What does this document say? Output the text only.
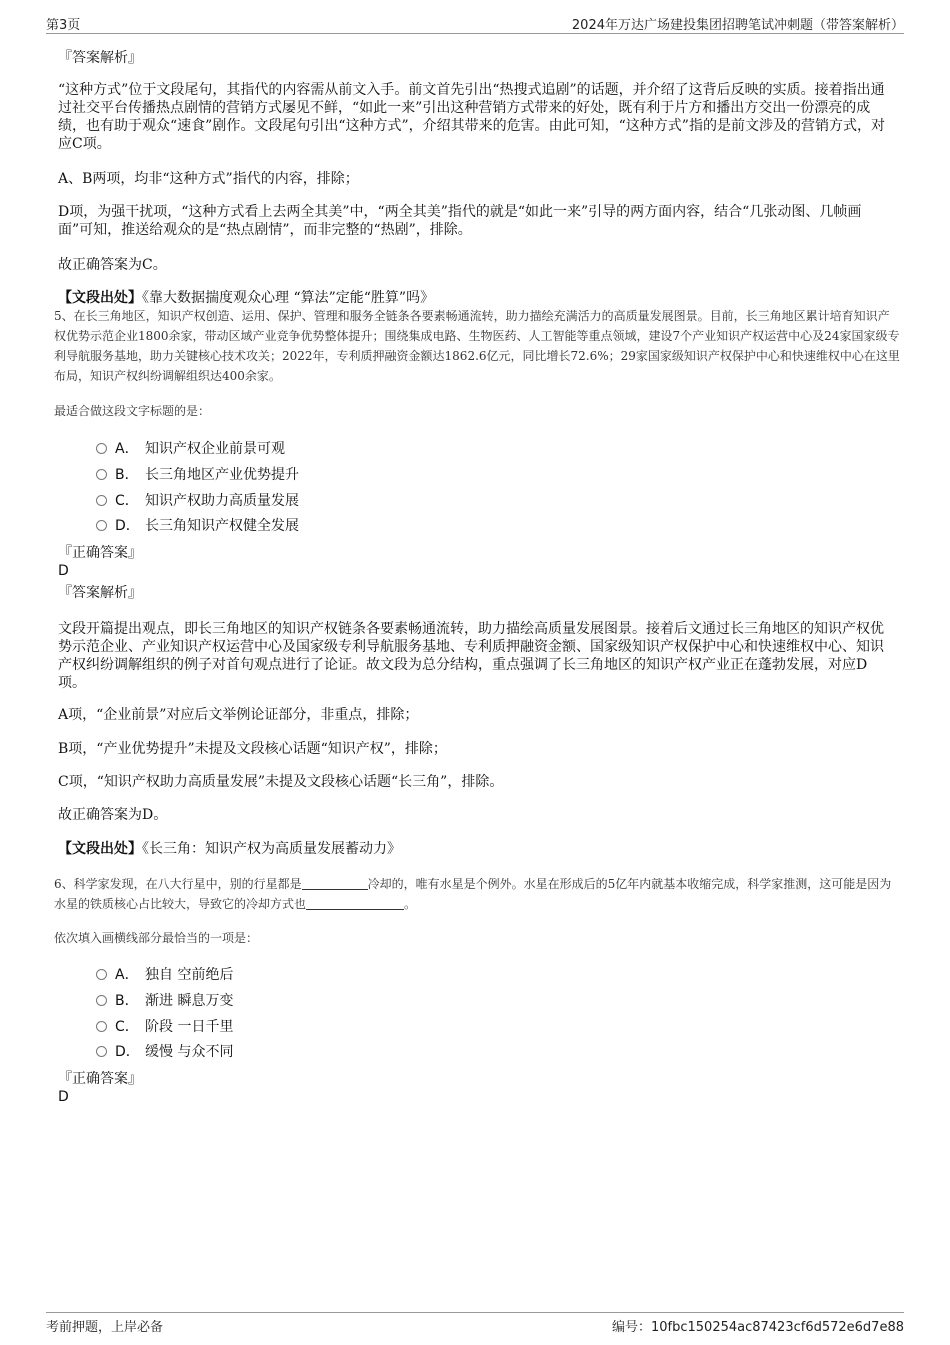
第3页	2024年万达广场建投集团招聘笔试冲刺题（带答案解析）
『答案解析』
“这种方式”位于文段尾句，其指代的内容需从前文入手。前文首先引出“热搜式追剧”的话题，并介绍了这背后反映的实质。接着指出通过社交平台传播热点剧情的营销方式屡见不鲜，“如此一来”引出这种营销方式带来的好处，既有利于片方和播出方交出一份漂亮的成绩，也有助于观众“速食”剧作。文段尾句引出“这种方式”，介绍其带来的危害。由此可知，“这种方式”指的是前文涉及的营销方式，对应C项。
A、B两项，均非“这种方式”指代的内容，排除；
D项，为强干扰项，“这种方式看上去两全其美”中，“两全其美”指代的就是“如此一来”引导的两方面内容，结合“几张动图、几帧画面”可知，推送给观众的是“热点剧情”，而非完整的“热剧”，排除。
故正确答案为C。
【文段出处】《靠大数据揣度观众心理 “算法”定能“胜算”吗》
5、在长三角地区，知识产权创造、运用、保护、管理和服务全链条各要素畅通流转，助力描绘充满活力的高质量发展图景。目前，长三角地区累计培育知识产权优势示范企业1800余家，带动区域产业竞争优势整体提升；围绕集成电路、生物医药、人工智能等重点领域，建设7个产业知识产权运营中心及24家国家级专利导航服务基地，助力关键核心技术攻关；2022年，专利质押融资金额达1862.6亿元，同比增长72.6%；29家国家级知识产权保护中心和快速维权中心在这里布局，知识产权纠纷调解组织达400余家。
最适合做这段文字标题的是：
A． 知识产权企业前景可观
B． 长三角地区产业优势提升
C． 知识产权助力高质量发展
D． 长三角知识产权健全发展
『正确答案』
D
『答案解析』
文段开篇提出观点，即长三角地区的知识产权链条各要素畅通流转，助力描绘高质量发展图景。接着后文通过长三角地区的知识产权优势示范企业、产业知识产权运营中心及国家级专利导航服务基地、专利质押融资金额、国家级知识产权保护中心和快速维权中心、知识产权纠纷调解组织的例子对首句观点进行了论证。故文段为总分结构，重点强调了长三角地区的知识产权产业正在蓬勃发展，对应D项。
A项，“企业前景”对应后文举例论证部分，非重点，排除；
B项，“产业优势提升”未提及文段核心话题“知识产权”，排除；
C项，“知识产权助力高质量发展”未提及文段核心话题“长三角”，排除。
故正确答案为D。
【文段出处】《长三角：知识产权为高质量发展蓄动力》
6、科学家发现，在八大行星中，别的行星都是	冷却的，唯有水星是个例外。水星在形成后的5亿年内就基本收缩完成，科学家推测，这可能是因为水星的铁质核心占比较大，导致它的冷却方式也	。
依次填入画横线部分最恰当的一项是：
A． 独自 空前绝后
B． 渐进 瞬息万变
C． 阶段 一日千里
D． 缓慢 与众不同
『正确答案』
D
考前押题，上岸必备	编号：10fbc150254ac87423cf6d572e6d7e88
